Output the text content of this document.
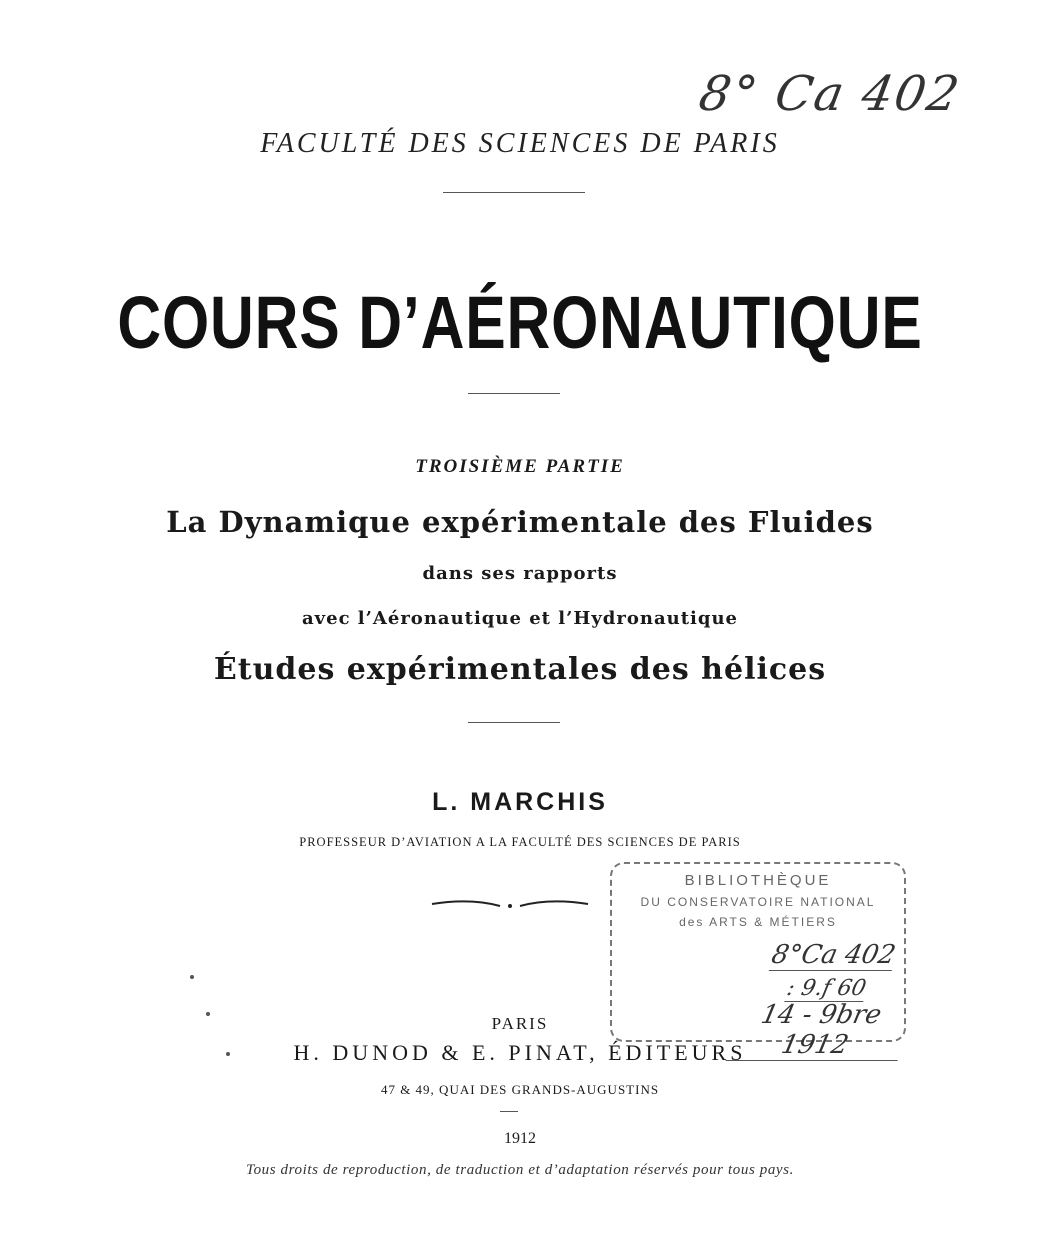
8° Ca 402
FACULTÉ DES SCIENCES DE PARIS
COURS D’AÉRONAUTIQUE
TROISIÈME PARTIE
La Dynamique expérimentale des Fluides
dans ses rapports
avec l’Aéronautique et l’Hydronautique
Études expérimentales des hélices
L. MARCHIS
PROFESSEUR D’AVIATION A LA FACULTÉ DES SCIENCES DE PARIS
BIBLIOTHÈQUE
DU CONSERVATOIRE NATIONAL
des ARTS & MÉTIERS
8°Ca 402
: 9.f 60
14 - 9bre 1912
PARIS
H. DUNOD & E. PINAT, ÉDITEURS
47 & 49, QUAI DES GRANDS-AUGUSTINS
1912
Tous droits de reproduction, de traduction et d’adaptation réservés pour tous pays.
